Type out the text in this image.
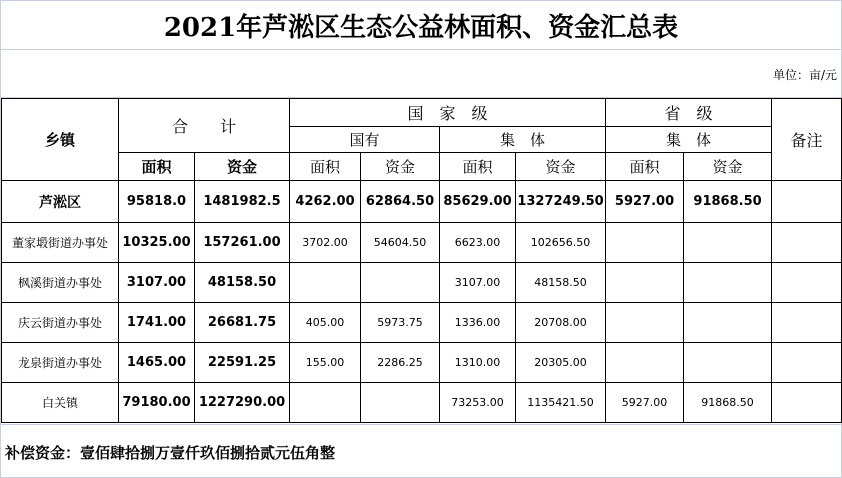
2021年芦淞区生态公益林面积、资金汇总表
单位：亩/元
乡镇	合　　计		国　家　级				省　级		备注
			国有		集　体		集　体		
	面积	资金	面积	资金	面积	资金	面积	资金	
芦淞区	95818.0	1481982.5	4262.00	62864.50	85629.00	1327249.50	5927.00	91868.50	
董家塅街道办事处	10325.00	157261.00	3702.00	54604.50	6623.00	102656.50			
枫溪街道办事处	3107.00	48158.50			3107.00	48158.50			
庆云街道办事处	1741.00	26681.75	405.00	5973.75	1336.00	20708.00			
龙泉街道办事处	1465.00	22591.25	155.00	2286.25	1310.00	20305.00			
白关镇	79180.00	1227290.00			73253.00	1135421.50	5927.00	91868.50	
补偿资金：壹佰肆拾捌万壹仟玖佰捌拾贰元伍角整
